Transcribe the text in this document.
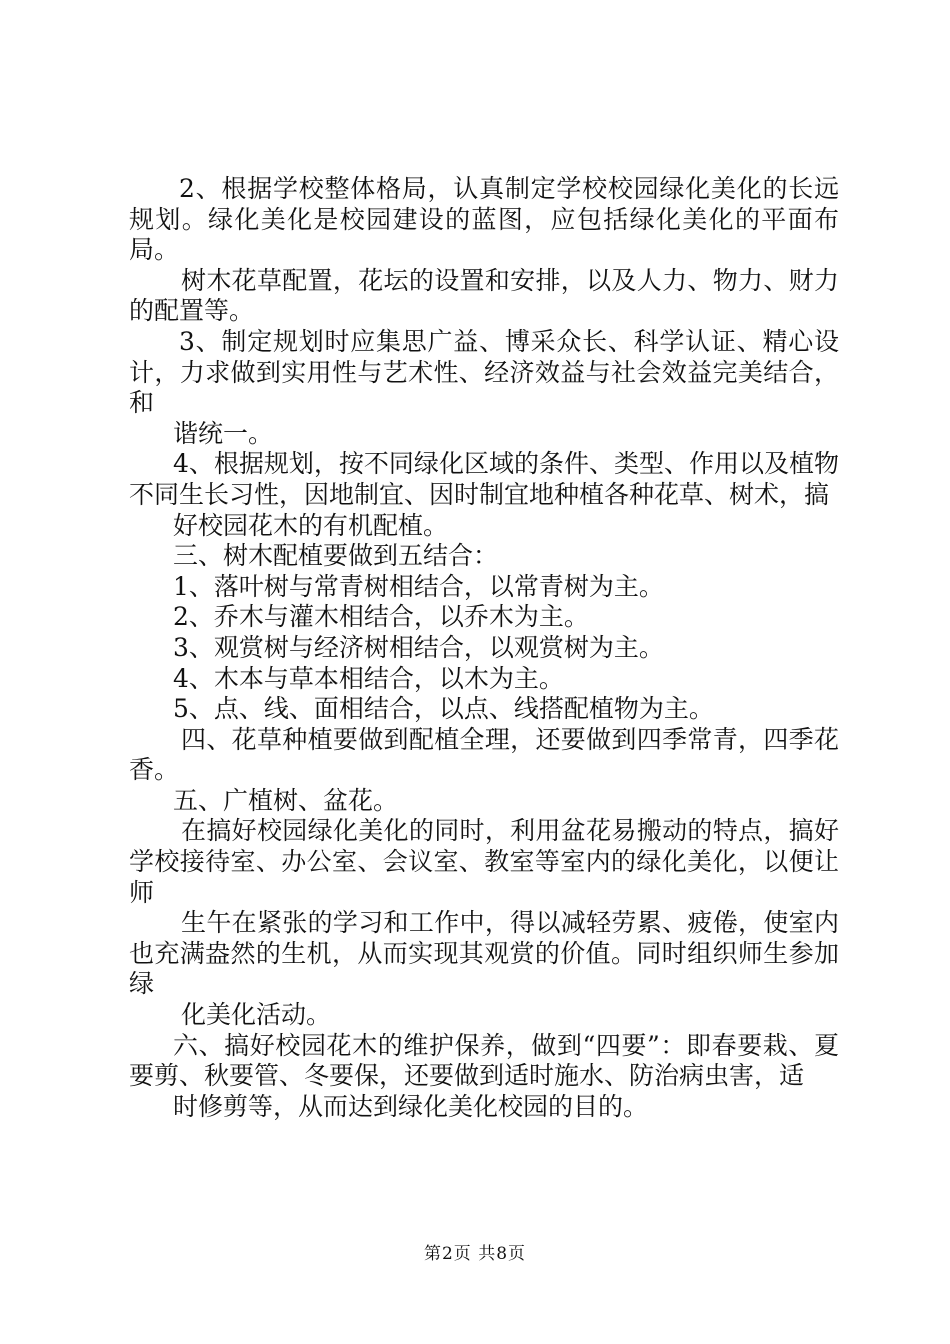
2、根据学校整体格局，认真制定学校校园绿化美化的长远规划。绿化美化是校园建设的蓝图，应包括绿化美化的平面布局。

树木花草配置，花坛的设置和安排，以及人力、物力、财力的配置等。

3、制定规划时应集思广益、博采众长、科学认证、精心设计，力求做到实用性与艺术性、经济效益与社会效益完美结合，和

谐统一。

4、根据规划，按不同绿化区域的条件、类型、作用以及植物不同生长习性，因地制宜、因时制宜地种植各种花草、树术，搞

好校园花木的有机配植。

三、树木配植要做到五结合：

1、落叶树与常青树相结合，以常青树为主。

2、乔木与灌木相结合，以乔木为主。

3、观赏树与经济树相结合，以观赏树为主。

4、木本与草本相结合，以木为主。

5、点、线、面相结合，以点、线搭配植物为主。

四、花草种植要做到配植全理，还要做到四季常青，四季花香。

五、广植树、盆花。

在搞好校园绿化美化的同时，利用盆花易搬动的特点，搞好学校接待室、办公室、会议室、教室等室内的绿化美化，以便让师

生午在紧张的学习和工作中，得以减轻劳累、疲倦，使室内也充满盎然的生机，从而实现其观赏的价值。同时组织师生参加绿

化美化活动。

六、搞好校园花木的维护保养，做到“四要”：即春要栽、夏要剪、秋要管、冬要保，还要做到适时施水、防治病虫害，适

时修剪等，从而达到绿化美化校园的目的。

第2页 共8页
